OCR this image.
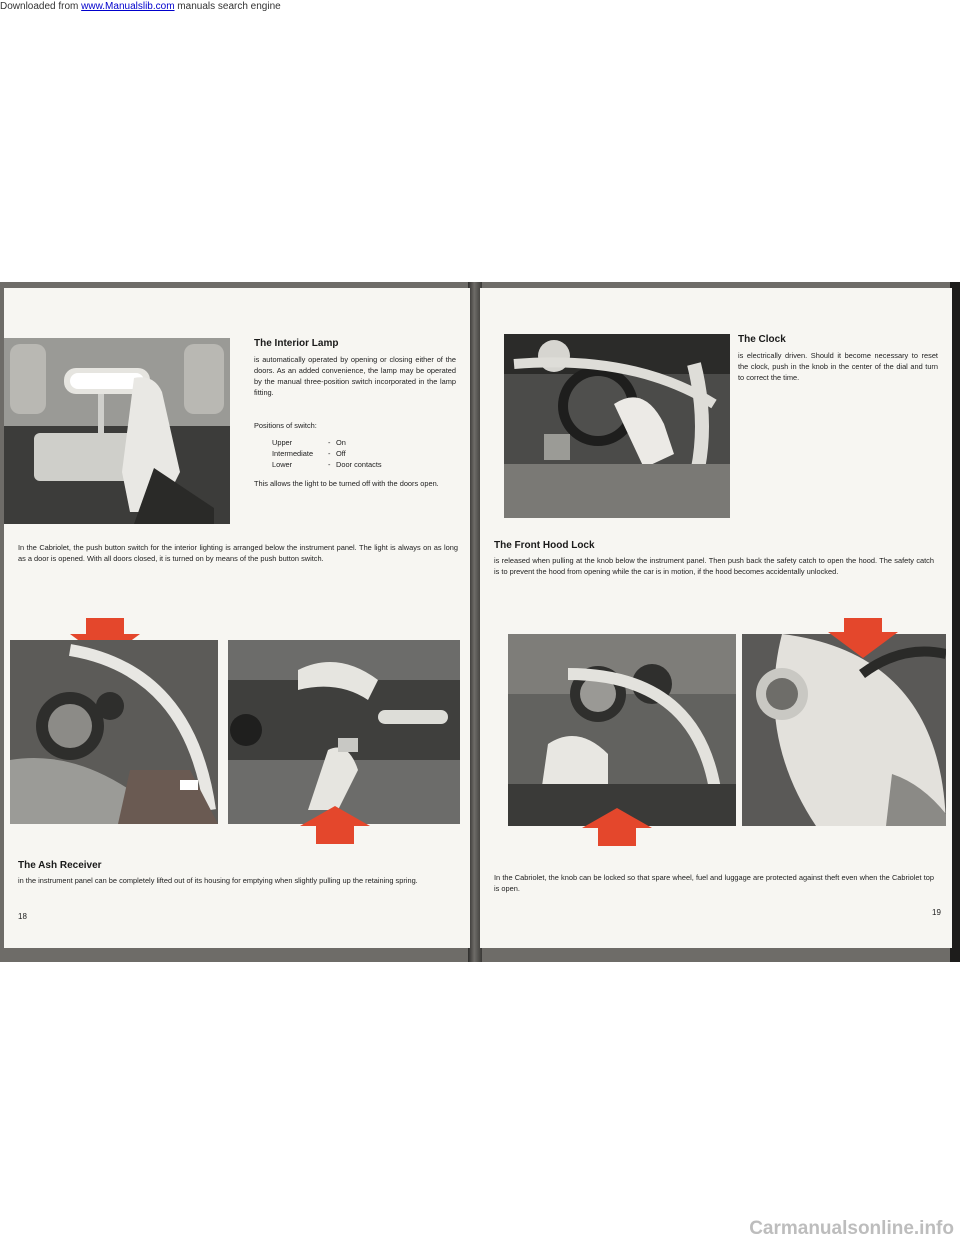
Downloaded from www.Manualslib.com manuals search engine
The Interior Lamp
is automatically operated by opening or closing either of the doors. As an added convenience, the lamp may be operated by the manual three-position switch incorporated in the lamp fitting.
Positions of switch:
Upper	- On
Intermediate - Off
Lower	- Door contacts
This allows the light to be turned off with the doors open.
In the Cabriolet, the push button switch for the interior lighting is arranged below the instrument panel. The light is always on as long as a door is opened. With all doors closed, it is turned on by means of the push button switch.
The Ash Receiver
in the instrument panel can be completely lifted out of its housing for emptying when slightly pulling up the retaining spring.
18
The Clock
is electrically driven. Should it become necessary to reset the clock, push in the knob in the center of the dial and turn to correct the time.
The Front Hood Lock
is released when pulling at the knob below the instrument panel. Then push back the safety catch to open the hood. The safety catch is to prevent the hood from opening while the car is in motion, if the hood becomes accidentally unlocked.
In the Cabriolet, the knob can be locked so that spare wheel, fuel and luggage are protected against theft even when the Cabriolet top is open.
19
Carmanualsonline.info
